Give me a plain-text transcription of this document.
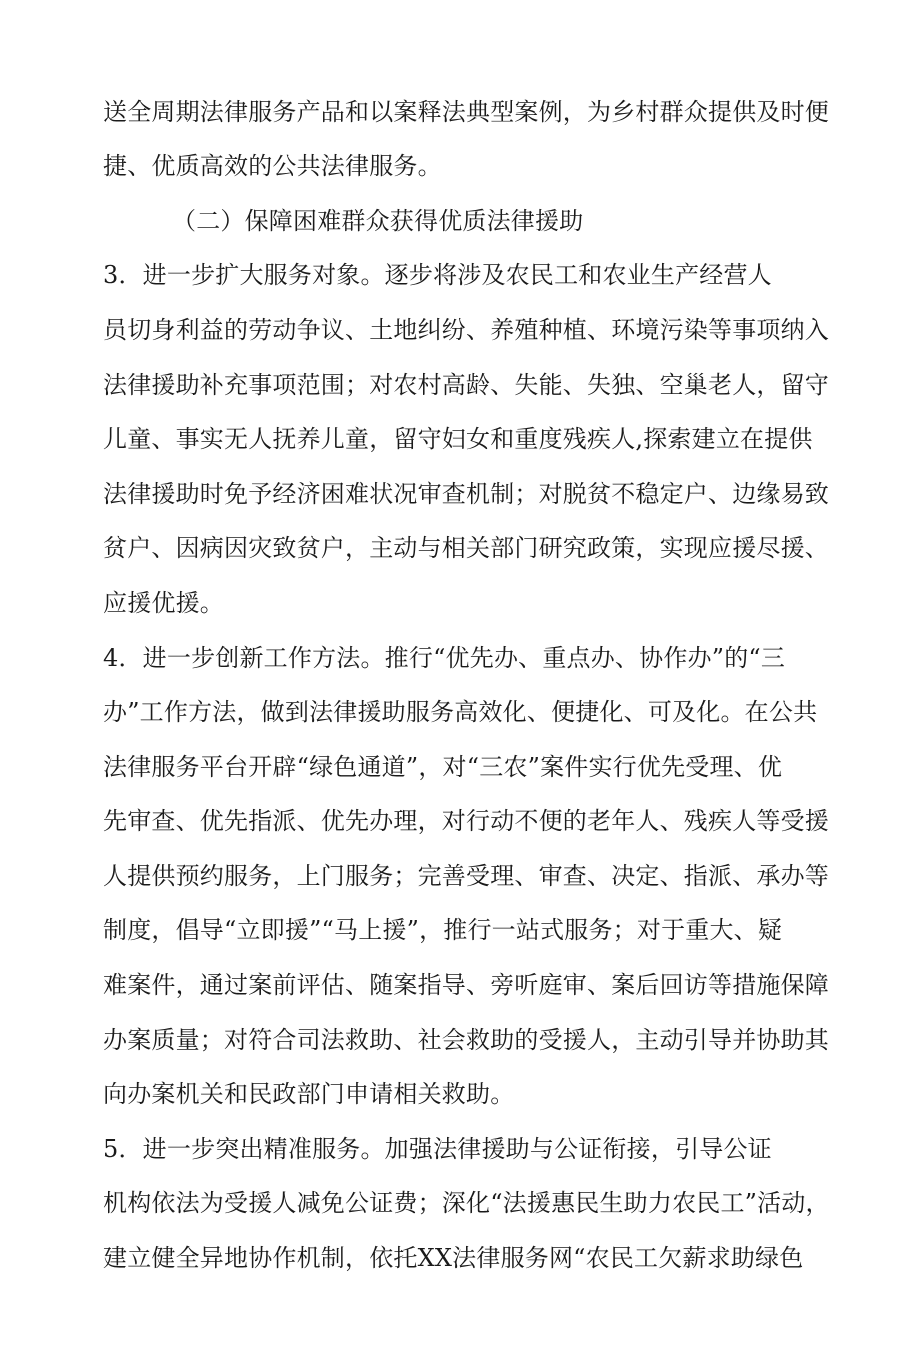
送全周期法律服务产品和以案释法典型案例，为乡村群众提供及时便
捷、优质高效的公共法律服务。
（二）保障困难群众获得优质法律援助
3．进一步扩大服务对象。逐步将涉及农民工和农业生产经营人
员切身利益的劳动争议、土地纠纷、养殖种植、环境污染等事项纳入
法律援助补充事项范围；对农村高龄、失能、失独、空巢老人，留守
儿童、事实无人抚养儿童，留守妇女和重度残疾人,探索建立在提供
法律援助时免予经济困难状况审查机制；对脱贫不稳定户、边缘易致
贫户、因病因灾致贫户，主动与相关部门研究政策，实现应援尽援、
应援优援。
4．进一步创新工作方法。推行“优先办、重点办、协作办”的“三
办”工作方法，做到法律援助服务高效化、便捷化、可及化。在公共
法律服务平台开辟“绿色通道”，对“三农”案件实行优先受理、优
先审查、优先指派、优先办理，对行动不便的老年人、残疾人等受援
人提供预约服务，上门服务；完善受理、审查、决定、指派、承办等
制度，倡导“立即援”“马上援”，推行一站式服务；对于重大、疑
难案件，通过案前评估、随案指导、旁听庭审、案后回访等措施保障
办案质量；对符合司法救助、社会救助的受援人，主动引导并协助其
向办案机关和民政部门申请相关救助。
5．进一步突出精准服务。加强法律援助与公证衔接，引导公证
机构依法为受援人减免公证费；深化“法援惠民生助力农民工”活动，
建立健全异地协作机制，依托XX法律服务网“农民工欠薪求助绿色
